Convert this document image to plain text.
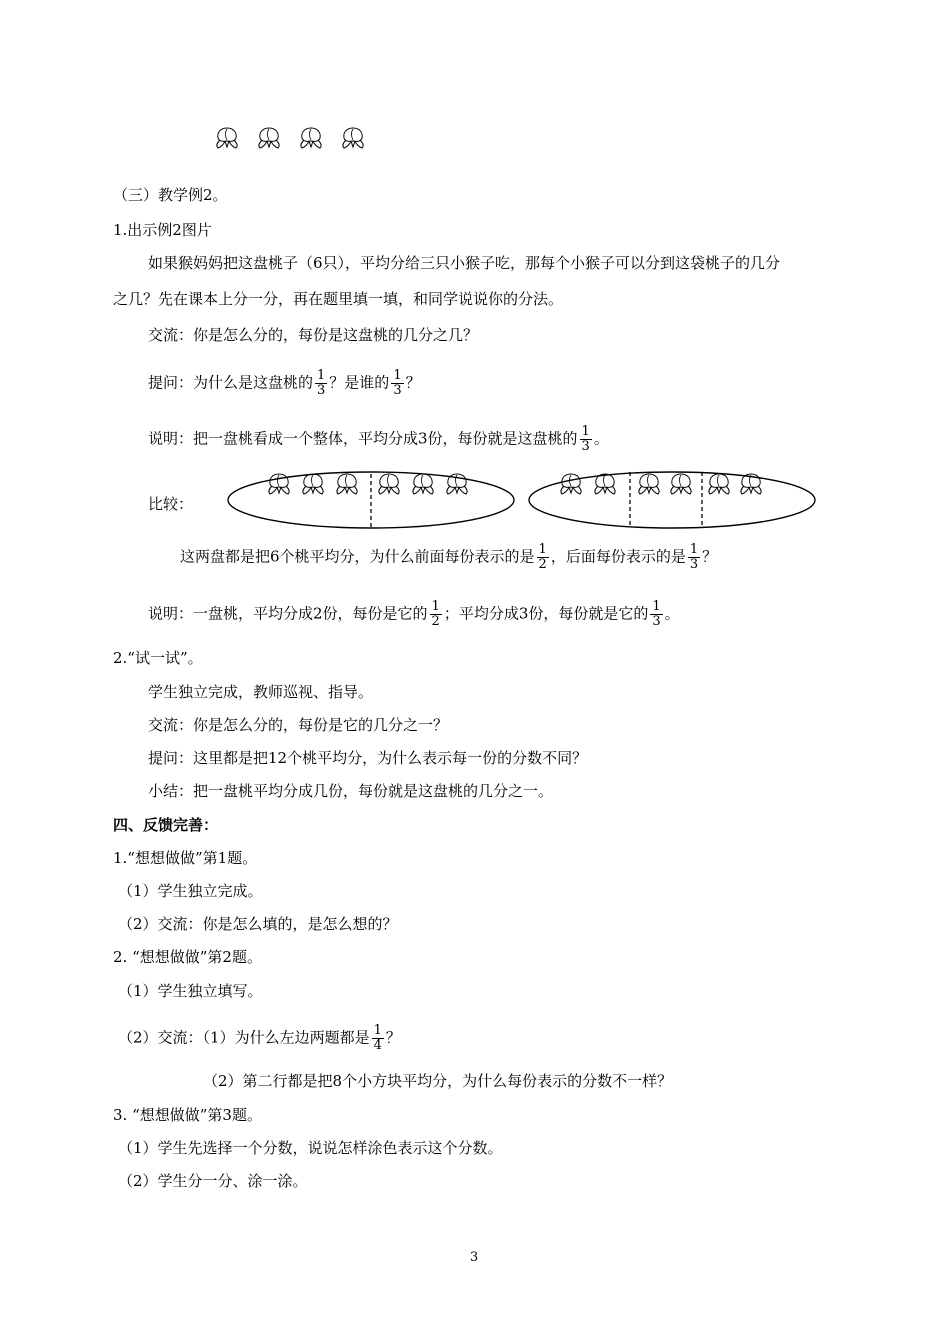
（三）教学例2。
1.出示例2图片
如果猴妈妈把这盘桃子（6只），平均分给三只小猴子吃，那每个小猴子可以分到这袋桃子的几分
之几？先在课本上分一分，再在题里填一填，和同学说说你的分法。
交流：你是怎么分的，每份是这盘桃的几分之几？
提问：为什么是这盘桃的 $\frac{1}{3}$ ？是谁的 $\frac{1}{3}$ ？
说明：把一盘桃看成一个整体，平均分成3份，每份就是这盘桃的 $\frac{1}{3}$ 。
比较：
这两盘都是把6个桃平均分，为什么前面每份表示的是 $\frac{1}{2}$ ，后面每份表示的是 $\frac{1}{3}$ ？
说明：一盘桃，平均分成2份，每份是它的 $\frac{1}{2}$ ；平均分成3份，每份就是它的 $\frac{1}{3}$ 。
2.“试一试”。
学生独立完成，教师巡视、指导。
交流：你是怎么分的，每份是它的几分之一？
提问：这里都是把12个桃平均分，为什么表示每一份的分数不同？
小结：把一盘桃平均分成几份，每份就是这盘桃的几分之一。
四、反馈完善：
1.“想想做做”第1题。
（1）学生独立完成。
（2）交流：你是怎么填的，是怎么想的？
2. “想想做做”第2题。
（1）学生独立填写。
（2）交流：（1）为什么左边两题都是 $\frac{1}{4}$ ？
（2）第二行都是把8个小方块平均分，为什么每份表示的分数不一样？
3. “想想做做”第3题。
（1）学生先选择一个分数，说说怎样涂色表示这个分数。
（2）学生分一分、涂一涂。
3
